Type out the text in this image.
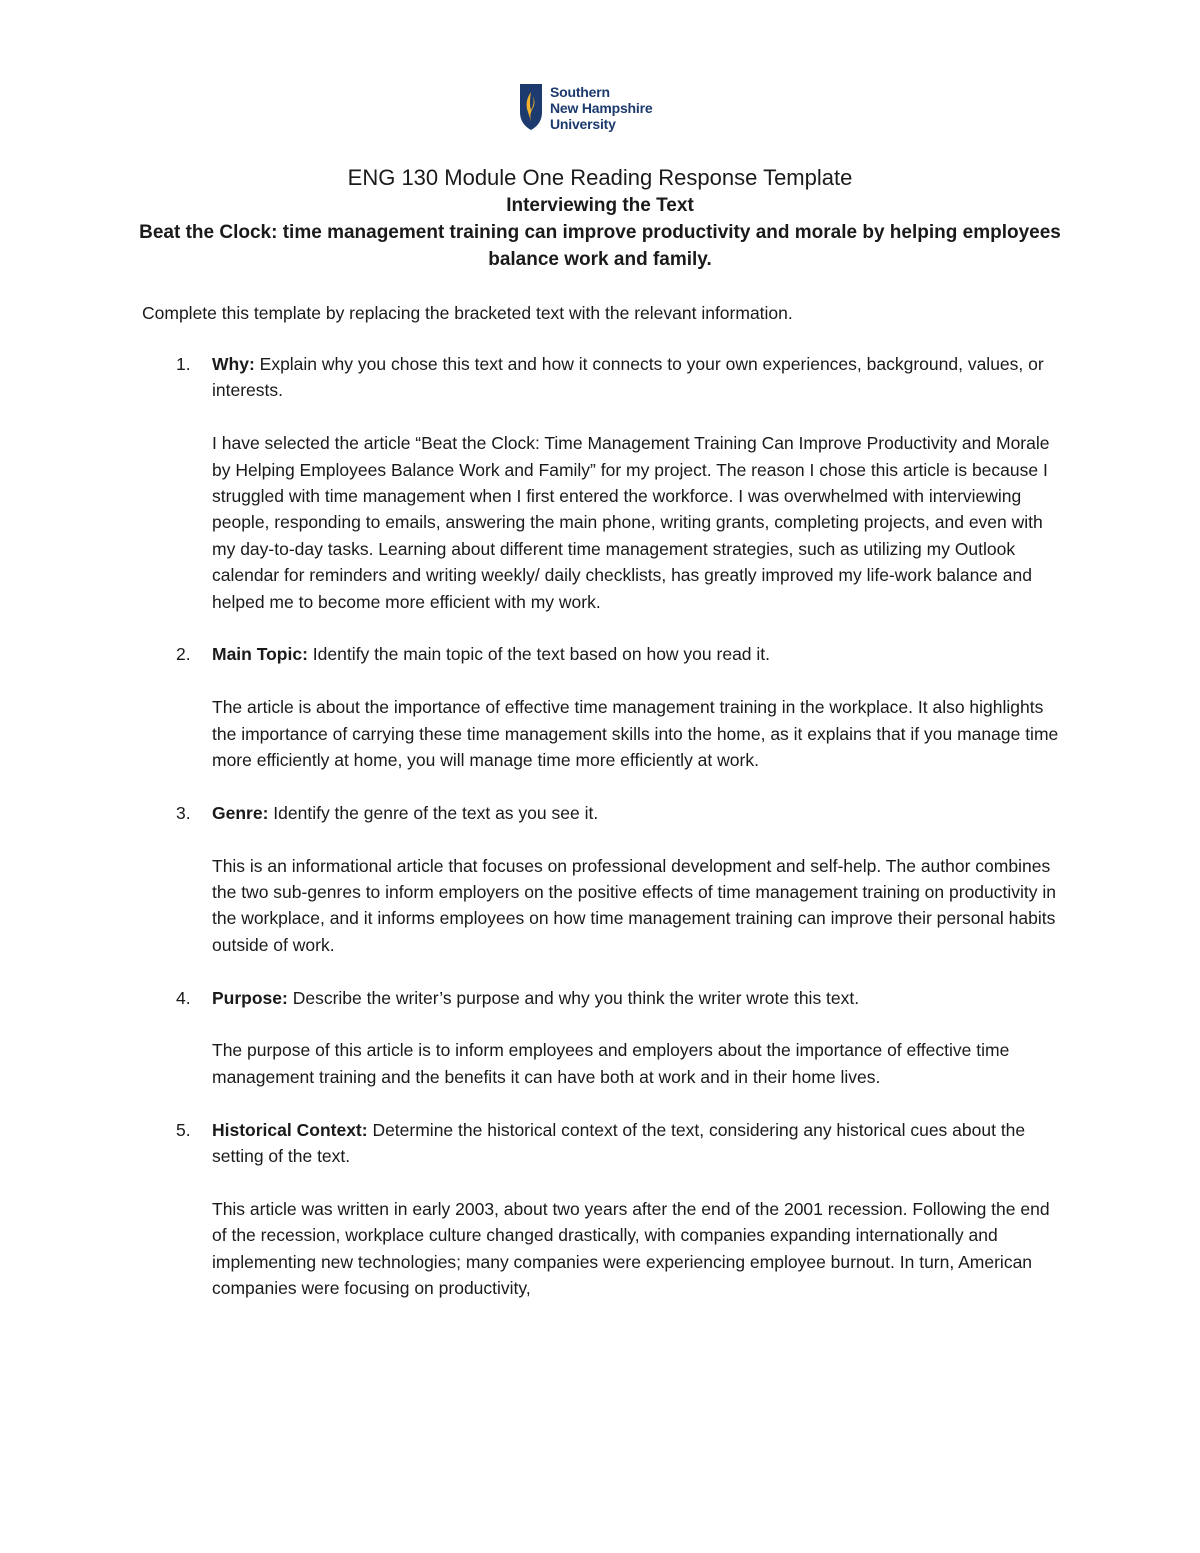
Southern
New Hampshire
University

ENG 130 Module One Reading Response Template

Interviewing the Text

Beat the Clock: time management training can improve productivity and morale by helping employees

balance work and family.

Complete this template by replacing the bracketed text with the relevant information.

1. Why: Explain why you chose this text and how it connects to your own experiences, background, values, or interests.

I have selected the article “Beat the Clock: Time Management Training Can Improve Productivity and Morale by Helping Employees Balance Work and Family” for my project. The reason I chose this article is because I struggled with time management when I first entered the workforce. I was overwhelmed with interviewing people, responding to emails, answering the main phone, writing grants, completing projects, and even with my day-to-day tasks. Learning about different time management strategies, such as utilizing my Outlook calendar for reminders and writing weekly/ daily checklists, has greatly improved my life-work balance and helped me to become more efficient with my work.

2. Main Topic: Identify the main topic of the text based on how you read it.

The article is about the importance of effective time management training in the workplace. It also highlights the importance of carrying these time management skills into the home, as it explains that if you manage time more efficiently at home, you will manage time more efficiently at work.

3. Genre: Identify the genre of the text as you see it.

This is an informational article that focuses on professional development and self-help. The author combines the two sub-genres to inform employers on the positive effects of time management training on productivity in the workplace, and it informs employees on how time management training can improve their personal habits outside of work.

4. Purpose: Describe the writer’s purpose and why you think the writer wrote this text.

The purpose of this article is to inform employees and employers about the importance of effective time management training and the benefits it can have both at work and in their home lives.

5. Historical Context: Determine the historical context of the text, considering any historical cues about the setting of the text.

This article was written in early 2003, about two years after the end of the 2001 recession. Following the end of the recession, workplace culture changed drastically, with companies expanding internationally and implementing new technologies; many companies were experiencing employee burnout. In turn, American companies were focusing on productivity,
